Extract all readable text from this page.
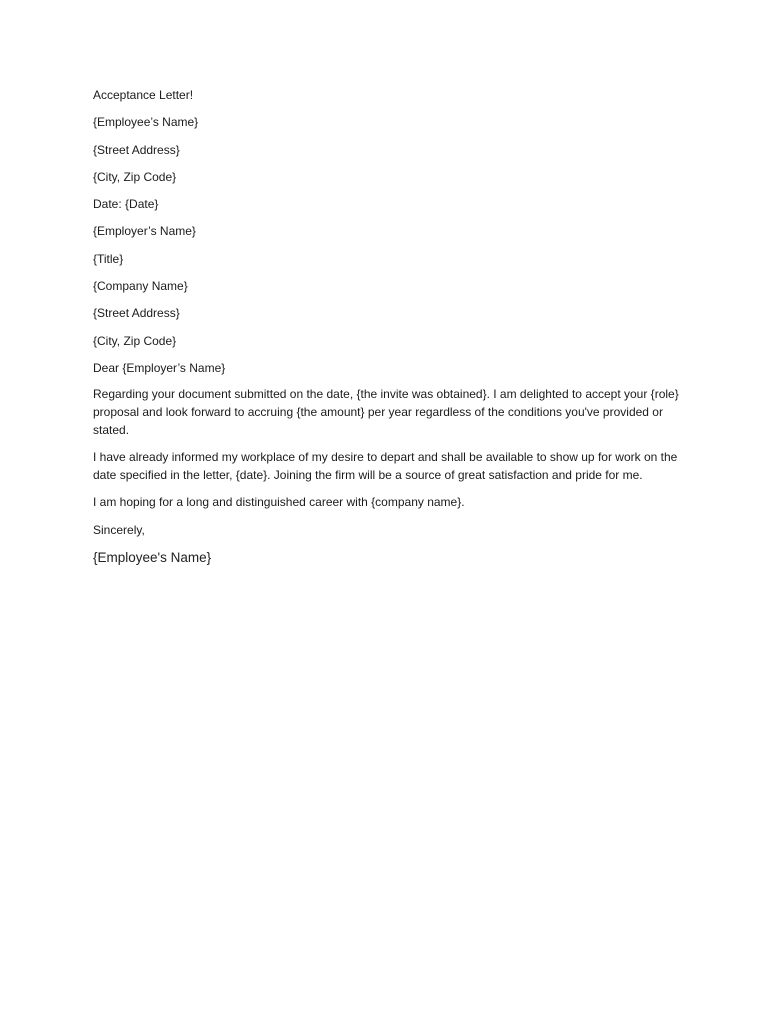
Acceptance Letter!
{Employee’s Name}
{Street Address}
{City, Zip Code}
Date: {Date}
{Employer’s Name}
{Title}
{Company Name}
{Street Address}
{City, Zip Code}
Dear {Employer’s Name}
Regarding your document submitted on the date, {the invite was obtained}. I am delighted to accept your {role} proposal and look forward to accruing {the amount} per year regardless of the conditions you've provided or stated.
I have already informed my workplace of my desire to depart and shall be available to show up for work on the date specified in the letter, {date}. Joining the firm will be a source of great satisfaction and pride for me.
I am hoping for a long and distinguished career with {company name}.
Sincerely,
{Employee's Name}
